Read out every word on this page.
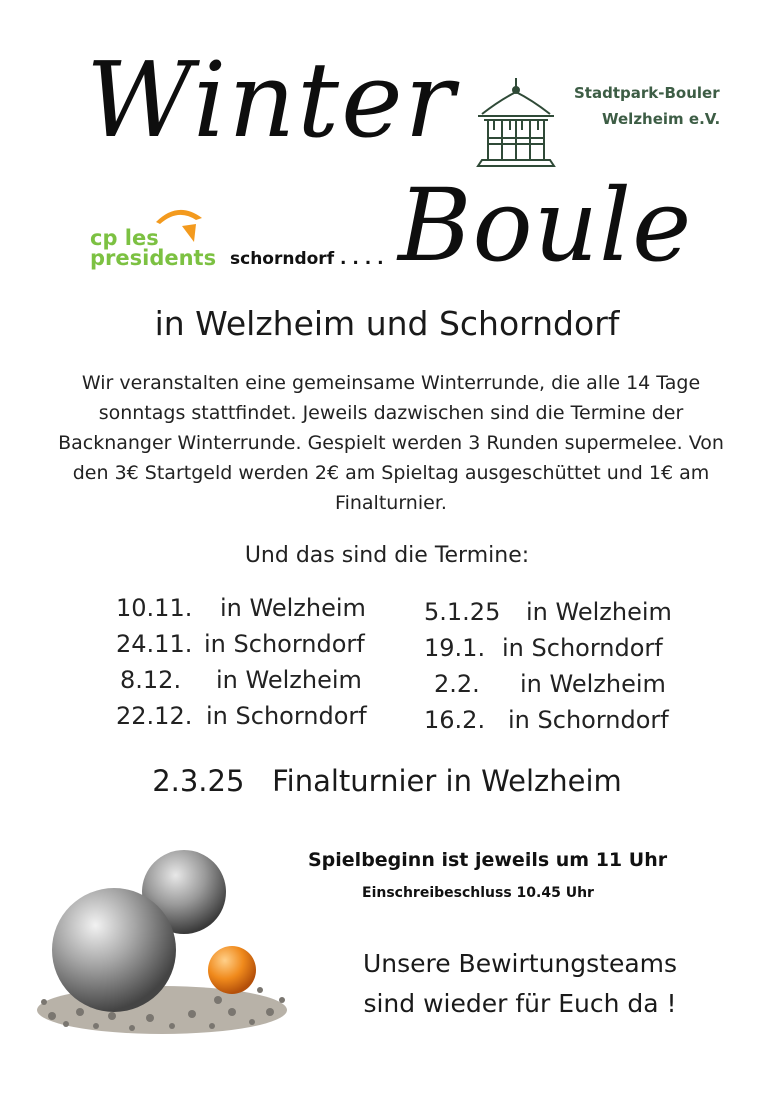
Winter
Boule
Stadtpark-Bouler
Welzheim e.V.
cp les
presidents schorndorf . . . .
in Welzheim und Schorndorf
Wir veranstalten eine gemeinsame Winterrunde, die alle 14 Tage sonntags stattfindet. Jeweils dazwischen sind die Termine der Backnanger Winterrunde. Gespielt werden 3 Runden supermelee. Von den 3€ Startgeld werden 2€ am Spieltag ausgeschüttet und 1€ am Finalturnier.
Und das sind die Termine:
10.11. in Welzheim
24.11. in Schorndorf
8.12. in Welzheim
22.12. in Schorndorf
5.1.25 in Welzheim
19.1. in Schorndorf
2.2. in Welzheim
16.2. in Schorndorf
2.3.25 Finalturnier in Welzheim
Spielbeginn ist jeweils um 11 Uhr
Einschreibeschluss 10.45 Uhr
Unsere Bewirtungsteams
sind wieder für Euch da !
